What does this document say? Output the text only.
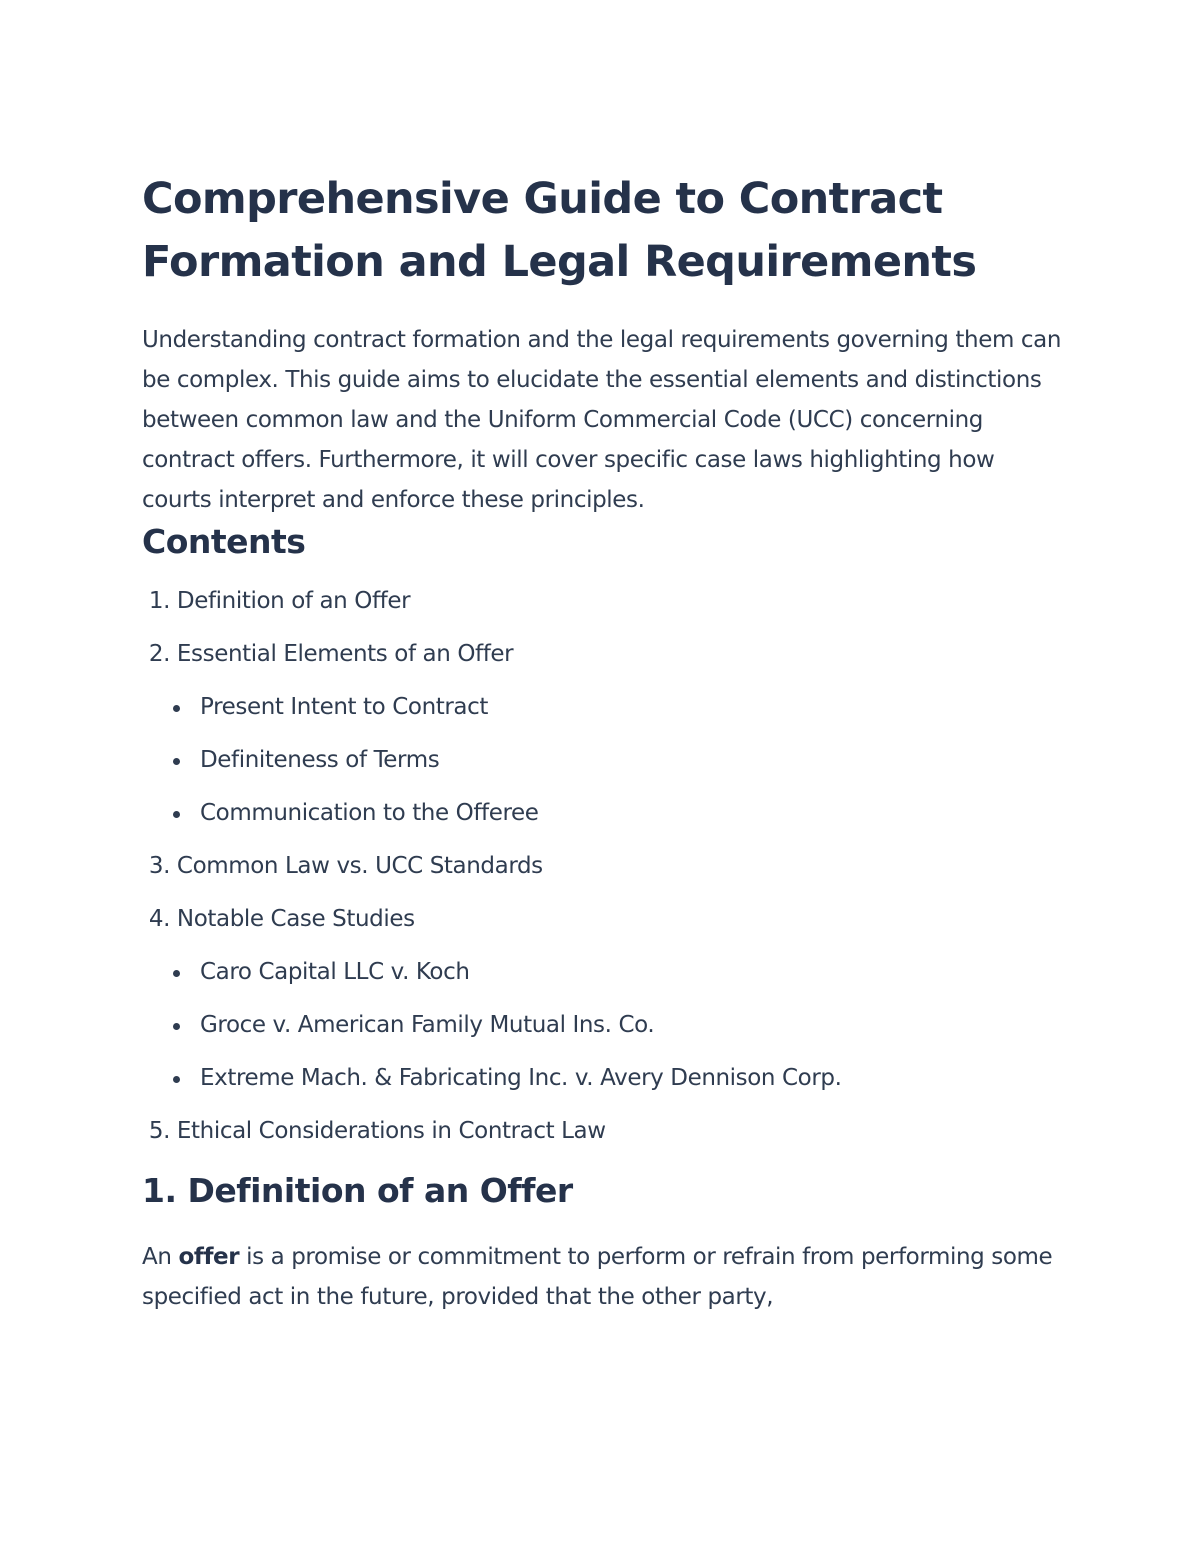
Comprehensive Guide to Contract Formation and Legal Requirements

Understanding contract formation and the legal requirements governing them can be complex. This guide aims to elucidate the essential elements and distinctions between common law and the Uniform Commercial Code (UCC) concerning contract offers. Furthermore, it will cover specific case laws highlighting how courts interpret and enforce these principles.

Contents
1. Definition of an Offer
2. Essential Elements of an Offer
Present Intent to Contract
Definiteness of Terms
Communication to the Offeree
3. Common Law vs. UCC Standards
4. Notable Case Studies
Caro Capital LLC v. Koch
Groce v. American Family Mutual Ins. Co.
Extreme Mach. & Fabricating Inc. v. Avery Dennison Corp.
5. Ethical Considerations in Contract Law
1. Definition of an Offer

An offer is a promise or commitment to perform or refrain from performing some specified act in the future, provided that the other party,
